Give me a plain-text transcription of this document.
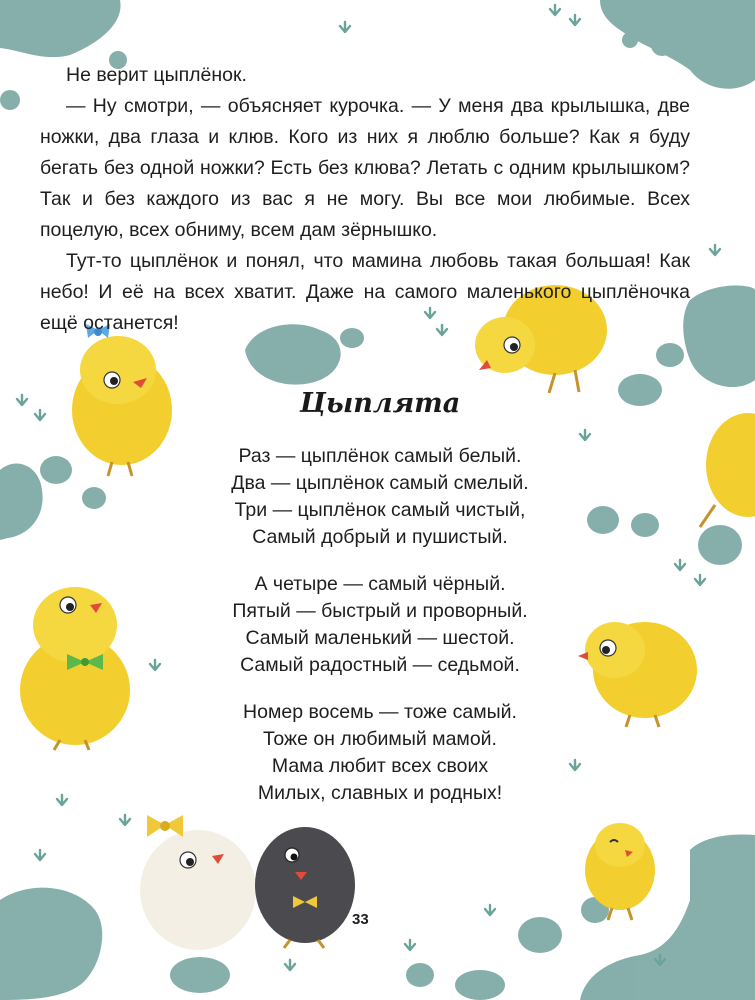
Не верит цыплёнок.

— Ну смотри, — объясняет курочка. — У меня два крылышка, две ножки, два глаза и клюв. Кого из них я люблю больше? Как я буду бегать без одной ножки? Есть без клюва? Летать с одним крылышком? Так и без каждого из вас я не могу. Вы все мои любимые. Всех поцелую, всех обниму, всем дам зёрнышко.

Тут-то цыплёнок и понял, что мамина любовь такая большая! Как небо! И её на всех хватит. Даже на самого маленького цыплёночка ещё останется!

Цыплята
Раз — цыплёнок самый белый.
Два — цыплёнок самый смелый.
Три — цыплёнок самый чистый,
Самый добрый и пушистый.
А четыре — самый чёрный.
Пятый — быстрый и проворный.
Самый маленький — шестой.
Самый радостный — седьмой.
Номер восемь — тоже самый.
Тоже он любимый мамой.
Мама любит всех своих
Милых, славных и родных!
33
